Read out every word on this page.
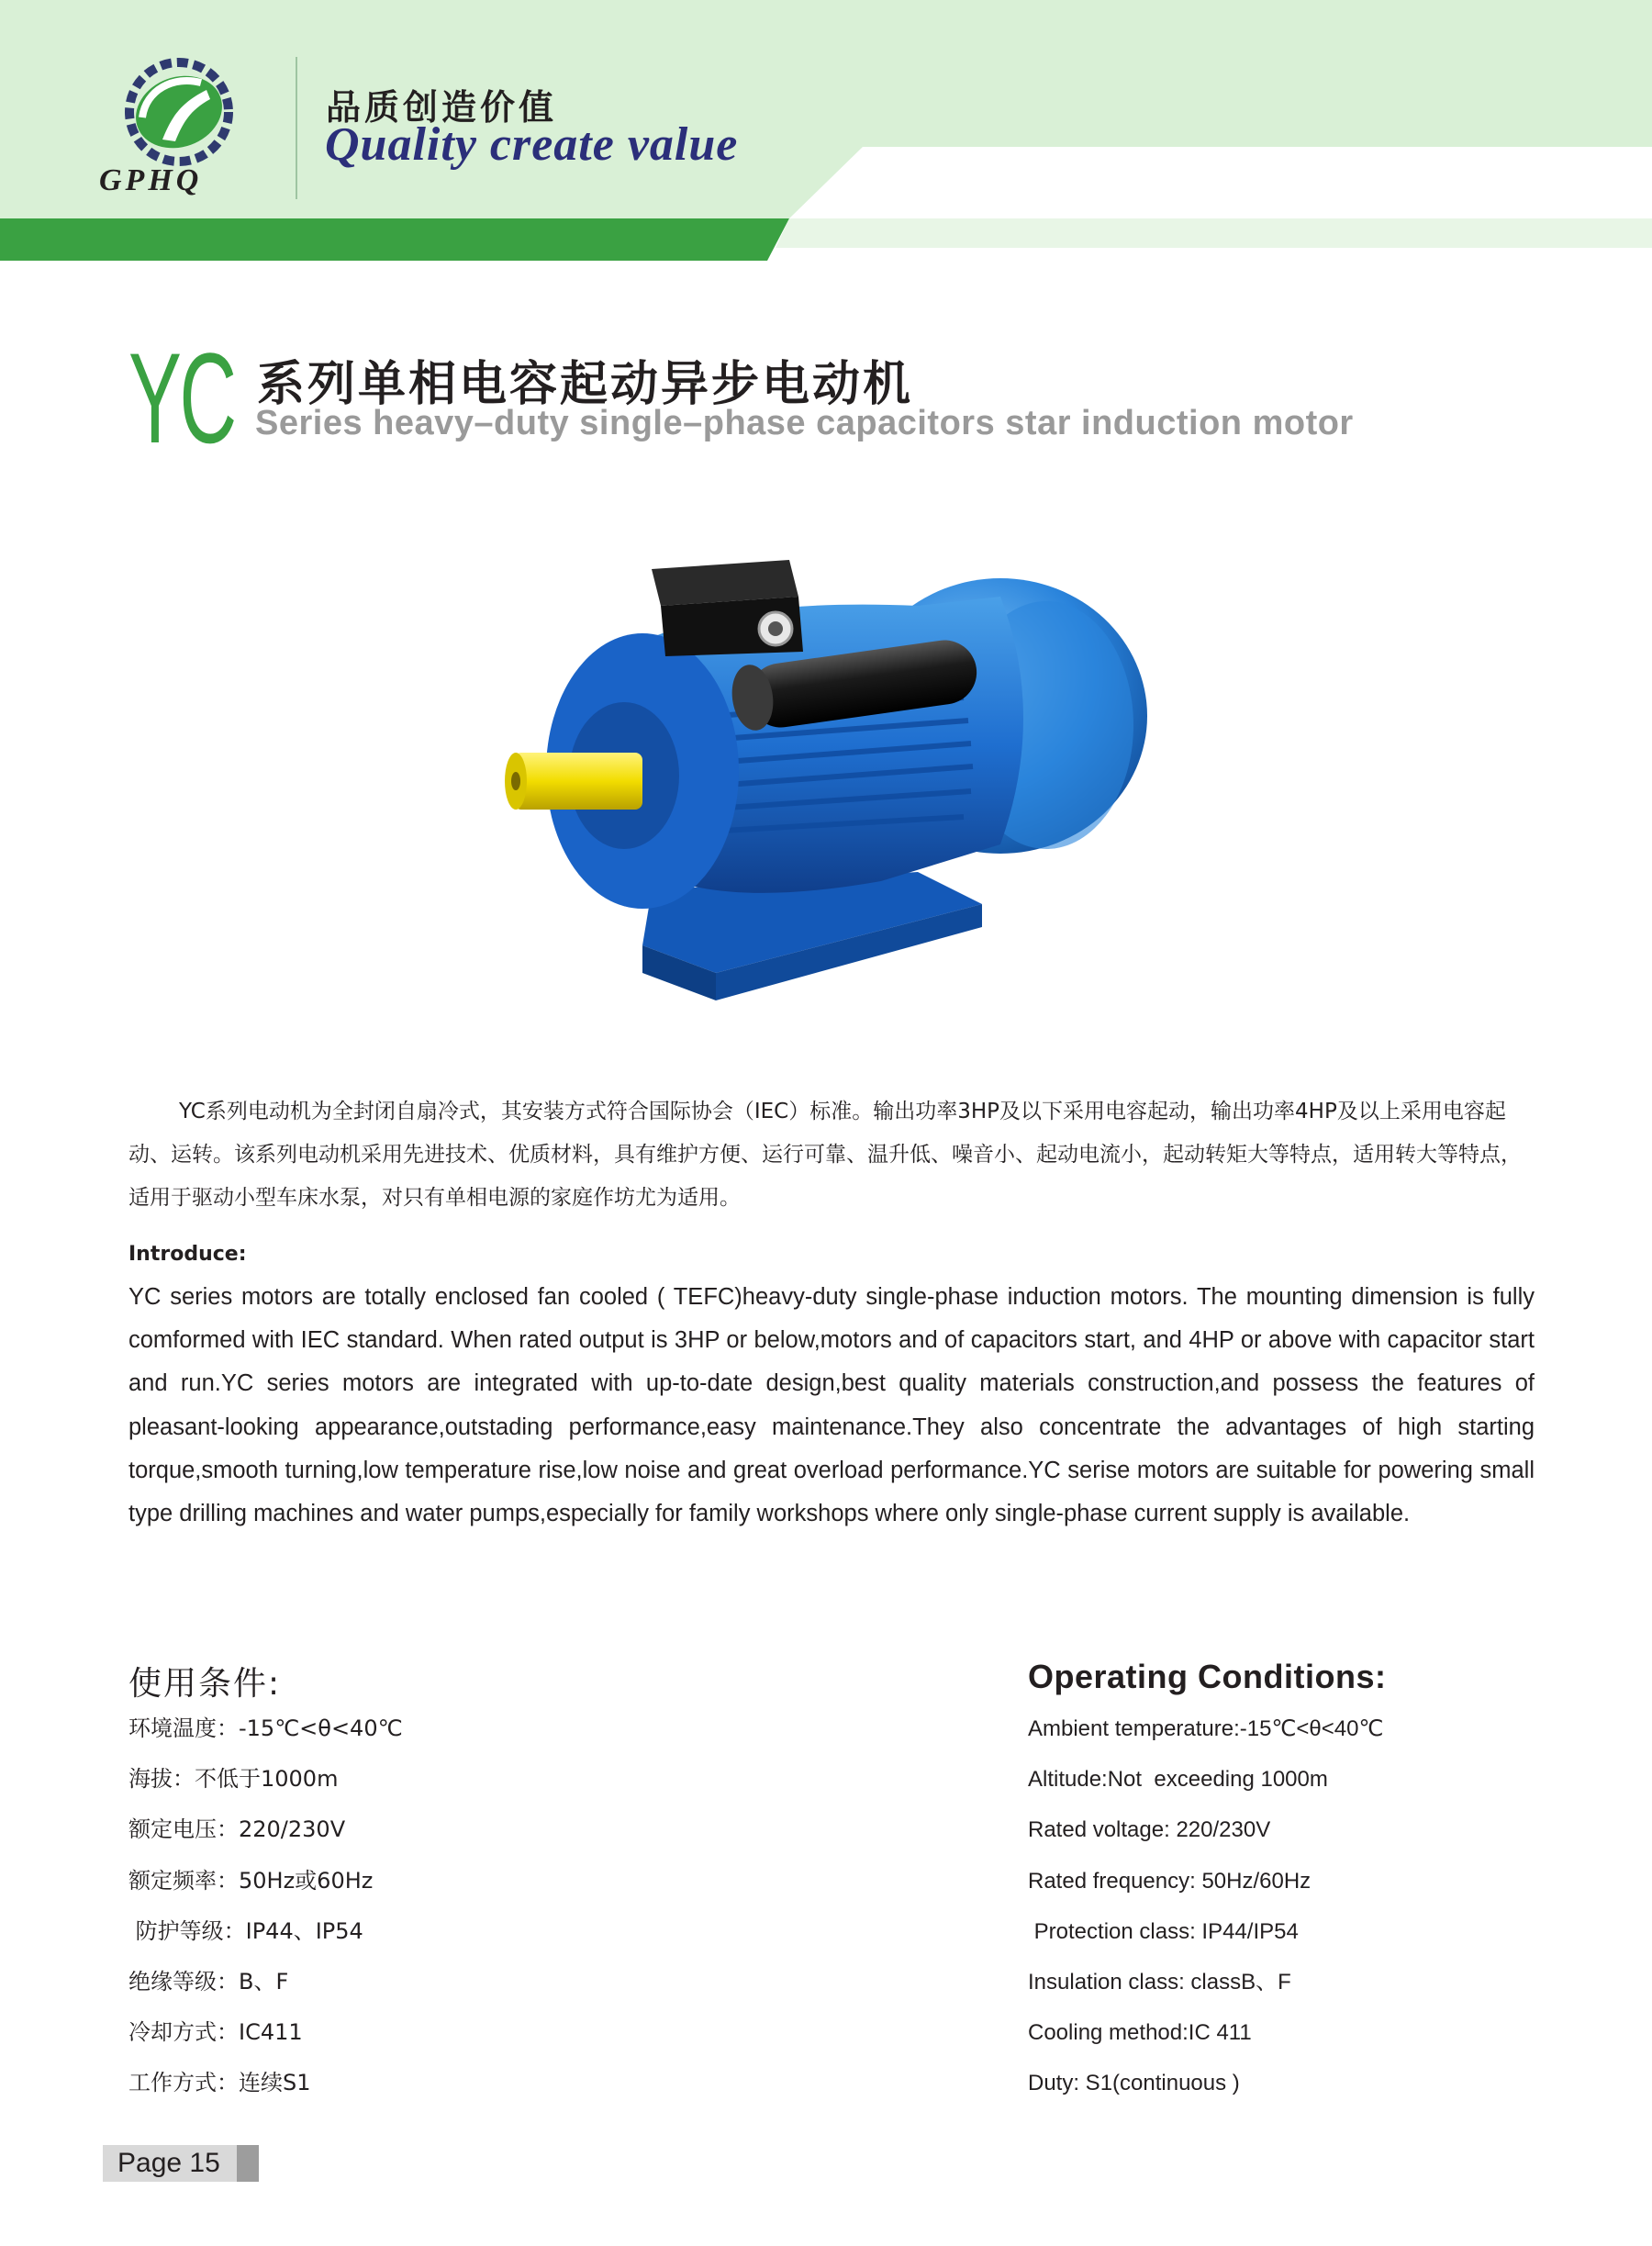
GPHQ
品质创造价值
Quality create value
YC 系列单相电容起动异步电动机
Series heavy–duty single–phase capacitors star induction motor
YC系列电动机为全封闭自扇冷式，其安装方式符合国际协会（IEC）标准。输出功率3HP及以下采用电容起动，输出功率4HP及以上采用电容起动、运转。该系列电动机采用先进技术、优质材料，具有维护方便、运行可靠、温升低、噪音小、起动电流小，起动转矩大等特点，适用转大等特点，适用于驱动小型车床水泵，对只有单相电源的家庭作坊尤为适用。
Introduce:
YC series motors are totally enclosed fan cooled ( TEFC)heavy-duty single-phase induction motors. The mounting dimension is fully comformed with IEC standard. When rated output is 3HP or below,motors and of capacitors start, and 4HP or above with capacitor start and run.YC series motors are integrated with up-to-date design,best quality materials construction,and possess the features of pleasant-looking appearance,outstading performance,easy maintenance.They also concentrate the advantages of high starting torque,smooth turning,low temperature rise,low noise and great overload performance.YC serise motors are suitable for powering small type drilling machines and water pumps,especially for family workshops where only single-phase current supply is available.
使用条件:	Operating Conditions:
环境温度：-15℃<θ<40℃
海拔：不低于1000m
额定电压：220/230V
额定频率：50Hz或60Hz
防护等级：IP44、IP54
绝缘等级：B、F
冷却方式：IC411
工作方式：连续S1
Ambient temperature:-15℃<θ<40℃
Altitude:Not  exceeding 1000m
Rated voltage: 220/230V
Rated frequency: 50Hz/60Hz
Protection class: IP44/IP54
Insulation class: classB、F
Cooling method:IC 411
Duty: S1(continuous )
Page 15
